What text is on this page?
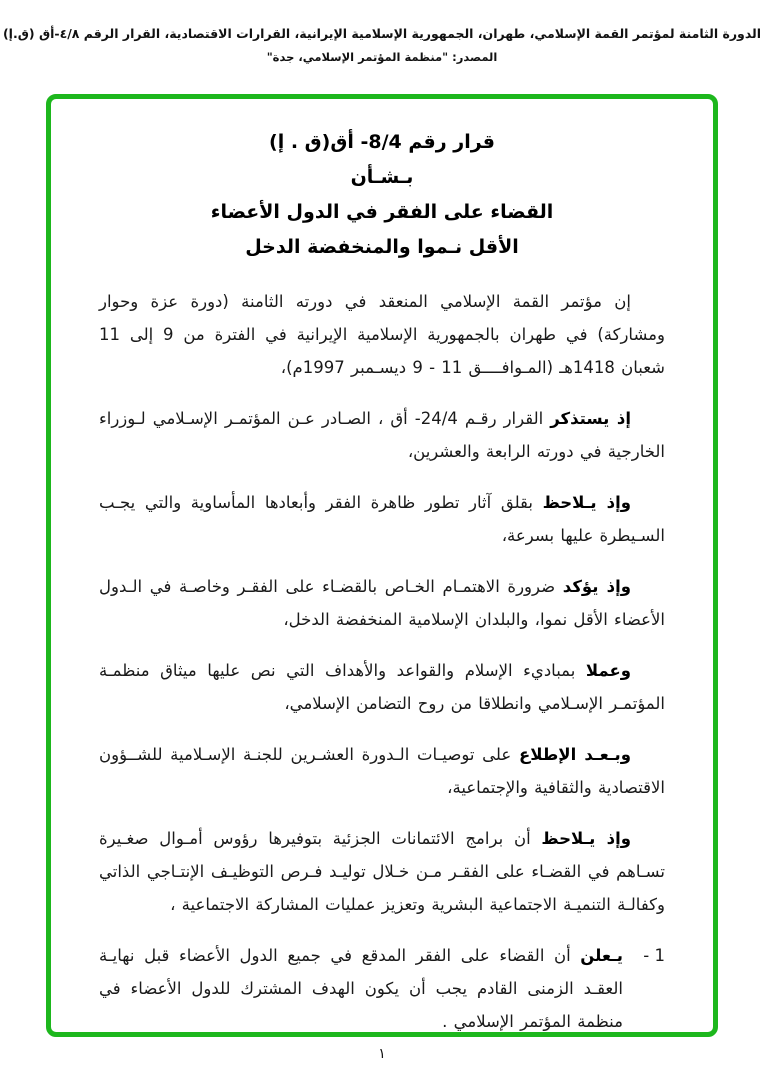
الدورة الثامنة لمؤتمر القمة الإسلامي، طهران، الجمهورية الإسلامية الإيرانية، القرارات الاقتصادية، القرار الرقم ٤/٨-أق (ق.إ)
المصدر: "منظمة المؤتمر الإسلامي، جدة"
قرار رقم 8/4- أق(ق . إ)
بـشـأن
القضاء على الفقر في الدول الأعضاء
الأقل نـموا والمنخفضة الدخل

إن مؤتمر القمة الإسلامي المنعقد في دورته الثامنة (دورة عزة وحوار ومشاركة) في طهران بالجمهورية الإسلامية الإيرانية في الفترة من 9 إلى 11 شعبان 1418هـ (المـوافــــق ⁦9 - 11⁩ ديسـمبر 1997م)،

إذ يستذكر القرار رقـم 24/4- أق ، الصـادر عـن المؤتمـر الإسـلامي لـوزراء الخارجية في دورته الرابعة والعشرين،

وإذ يـلاحظ بقلق آثار تطور ظاهرة الفقر وأبعادها المأساوية والتي يجـب السـيطرة عليها بسرعة،

وإذ يؤكد ضرورة الاهتمـام الخـاص بالقضـاء على الفقـر وخاصـة في الـدول الأعضاء الأقل نموا، والبلدان الإسلامية المنخفضة الدخل،

وعملا بمباديء الإسلام والقواعد والأهداف التي نص عليها ميثاق منظمـة المؤتمـر الإسـلامي وانطلاقا من روح التضامن الإسلامي،

وبـعـد الإطلاع على توصيـات الـدورة العشـرين للجنـة الإسـلامية للشــؤون الاقتصادية والثقافية والإجتماعية،

وإذ يـلاحظ أن برامج الائتمانات الجزئية بتوفيرها رؤوس أمـوال صغـيرة تسـاهم في القضـاء على الفقـر مـن خـلال توليـد فـرص التوظيـف الإنتـاجي الذاتي وكفالـة التنميـة الاجتماعية البشرية وتعزيز عمليات المشاركة الاجتماعية ،

1 -

يـعلن أن القضاء على الفقر المدقع في جميع الدول الأعضاء قبل نهايـة العقـد الزمنى القادم يجب أن يكون الهدف المشترك للدول الأعضاء في منظمة المؤتمر الإسلامي .

١
